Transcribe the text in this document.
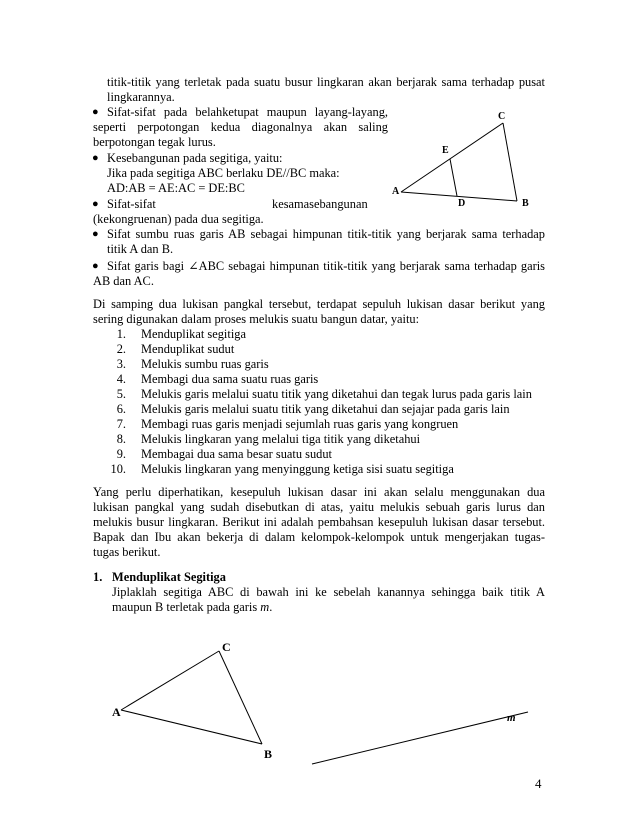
titik-titik yang terletak pada suatu busur lingkaran akan berjarak sama terhadap pusat
lingkarannya.
● Sifat-sifat pada belahketupat maupun layang-layang,
seperti perpotongan kedua diagonalnya akan saling
berpotongan tegak lurus.
● Kesebangunan pada segitiga, yaitu:
Jika pada segitiga ABC berlaku DE//BC maka:
AD:AB = AE:AC = DE:BC
● Sifat-sifat	kesamasebangunan
(kekongruenan) pada dua segitiga.
A
B
C
D
E
● Sifat sumbu ruas garis AB sebagai himpunan titik-titik yang berjarak sama terhadap
titik A dan B.
● Sifat garis bagi ∠ABC sebagai himpunan titik-titik yang berjarak sama terhadap garis
AB dan AC.
Di samping dua lukisan pangkal tersebut, terdapat sepuluh lukisan dasar berikut yang
sering digunakan dalam proses melukis suatu bangun datar, yaitu:
1. Menduplikat segitiga
2. Menduplikat sudut
3. Melukis sumbu ruas garis
4. Membagi dua sama suatu ruas garis
5. Melukis garis melalui suatu titik yang diketahui dan tegak lurus pada garis lain
6. Melukis garis melalui suatu titik yang diketahui dan sejajar pada garis lain
7. Membagi ruas garis menjadi sejumlah ruas garis yang kongruen
8. Melukis lingkaran yang melalui tiga titik yang diketahui
9. Membagai dua sama besar suatu sudut
10. Melukis lingkaran yang menyinggung ketiga sisi suatu segitiga
Yang perlu diperhatikan, kesepuluh lukisan dasar ini akan selalu menggunakan dua
lukisan pangkal yang sudah disebutkan di atas, yaitu melukis sebuah garis lurus dan
melukis busur lingkaran. Berikut ini adalah pembahsan kesepuluh lukisan dasar tersebut.
Bapak dan Ibu akan bekerja di dalam kelompok-kelompok untuk mengerjakan tugas-
tugas berikut.
1. Menduplikat Segitiga
Jiplaklah segitiga ABC di bawah ini ke sebelah kanannya sehingga baik titik A
maupun B terletak pada garis m.
A
B
C
m
4
